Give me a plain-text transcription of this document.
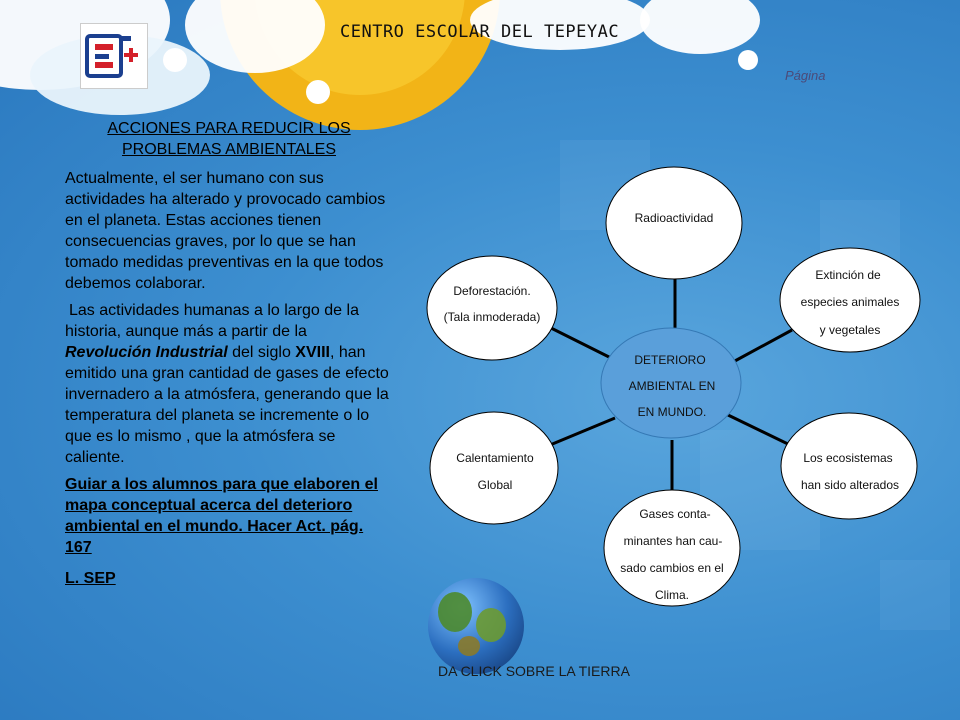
CENTRO ESCOLAR DEL TEPEYAC
Página

ACCIONES PARA REDUCIR LOS PROBLEMAS AMBIENTALES

Actualmente, el ser humano con sus actividades ha alterado y provocado cambios en el planeta. Estas acciones tienen consecuencias graves, por lo que se han tomado medidas preventivas en la que todos debemos colaborar.

Las actividades humanas a lo largo de la historia, aunque más a partir de la Revolución Industrial del siglo XVIII, han emitido una gran cantidad de gases de efecto invernadero a la atmósfera, generando que la temperatura del planeta se incremente o lo que es lo mismo , que la atmósfera se caliente.

Guiar a los alumnos para que elaboren el mapa conceptual acerca del deterioro ambiental en el mundo. Hacer Act. pág. 167

L. SEP
Radioactividad
Extinción de
especies animales
y vegetales
Los ecosistemas
han sido alterados
Gases conta-
minantes han cau-
sado cambios en el
Clima.
Calentamiento
Global
Deforestación.
(Tala inmoderada)
DETERIORO
AMBIENTAL EN
EN MUNDO.
DA CLICK SOBRE LA TIERRA
